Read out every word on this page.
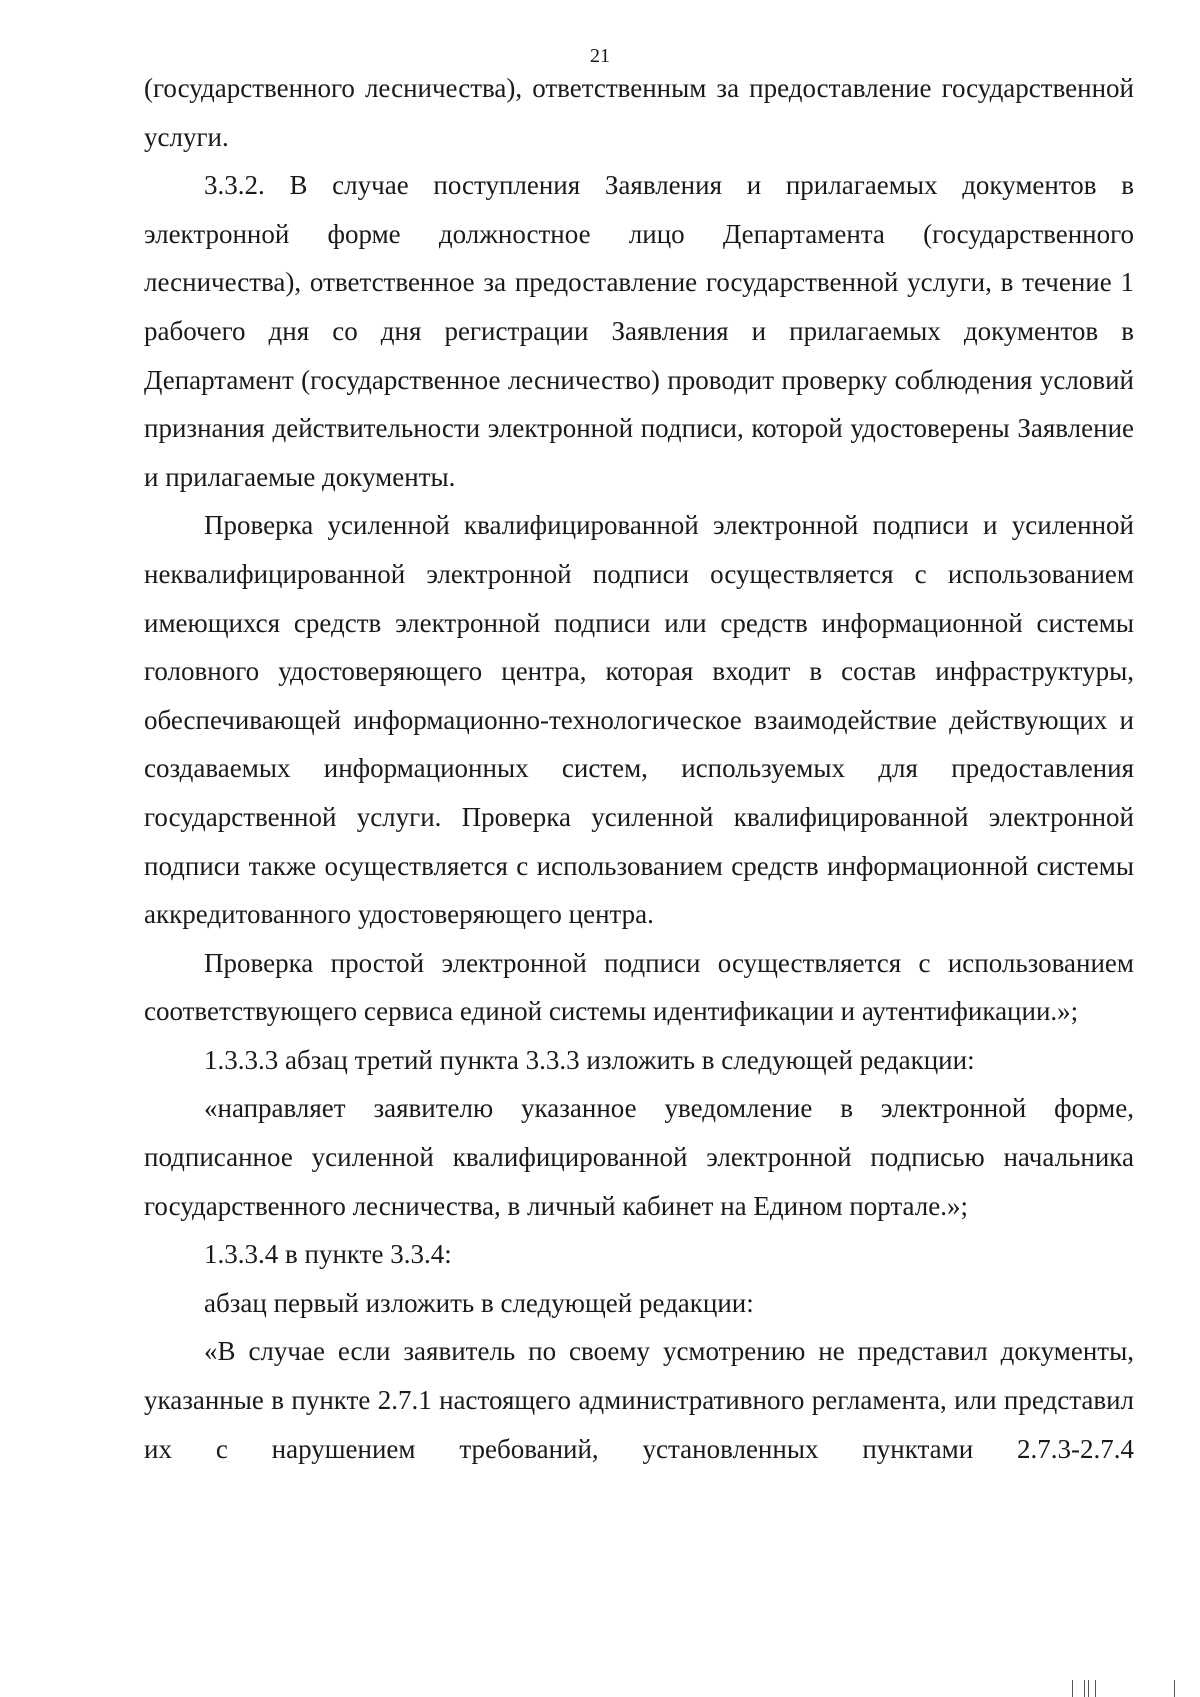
21

(государственного лесничества), ответственным за предоставление государственной услуги.

3.3.2. В случае поступления Заявления и прилагаемых документов в электронной форме должностное лицо Департамента (государственного лесничества), ответственное за предоставление государственной услуги, в течение 1 рабочего дня со дня регистрации Заявления и прилагаемых документов в Департамент (государственное лесничество) проводит проверку соблюдения условий признания действительности электронной подписи, которой удостоверены Заявление и прилагаемые документы.

Проверка усиленной квалифицированной электронной подписи и усиленной неквалифицированной электронной подписи осуществляется с использованием имеющихся средств электронной подписи или средств информационной системы головного удостоверяющего центра, которая входит в состав инфраструктуры, обеспечивающей информационно-технологическое взаимодействие действующих и создаваемых информационных систем, используемых для предоставления государственной услуги. Проверка усиленной квалифицированной электронной подписи также осуществляется с использованием средств информационной системы аккредитованного удостоверяющего центра.

Проверка простой электронной подписи осуществляется с использованием соответствующего сервиса единой системы идентификации и аутентификации.»;

1.3.3.3 абзац третий пункта 3.3.3 изложить в следующей редакции:

«направляет заявителю указанное уведомление в электронной форме, подписанное усиленной квалифицированной электронной подписью начальника государственного лесничества, в личный кабинет на Едином портале.»;

1.3.3.4 в пункте 3.3.4:

абзац первый изложить в следующей редакции:

«В случае если заявитель по своему усмотрению не представил документы, указанные в пункте 2.7.1 настоящего административного регламента, или представил их с нарушением требований, установленных пунктами 2.7.3-2.7.4
